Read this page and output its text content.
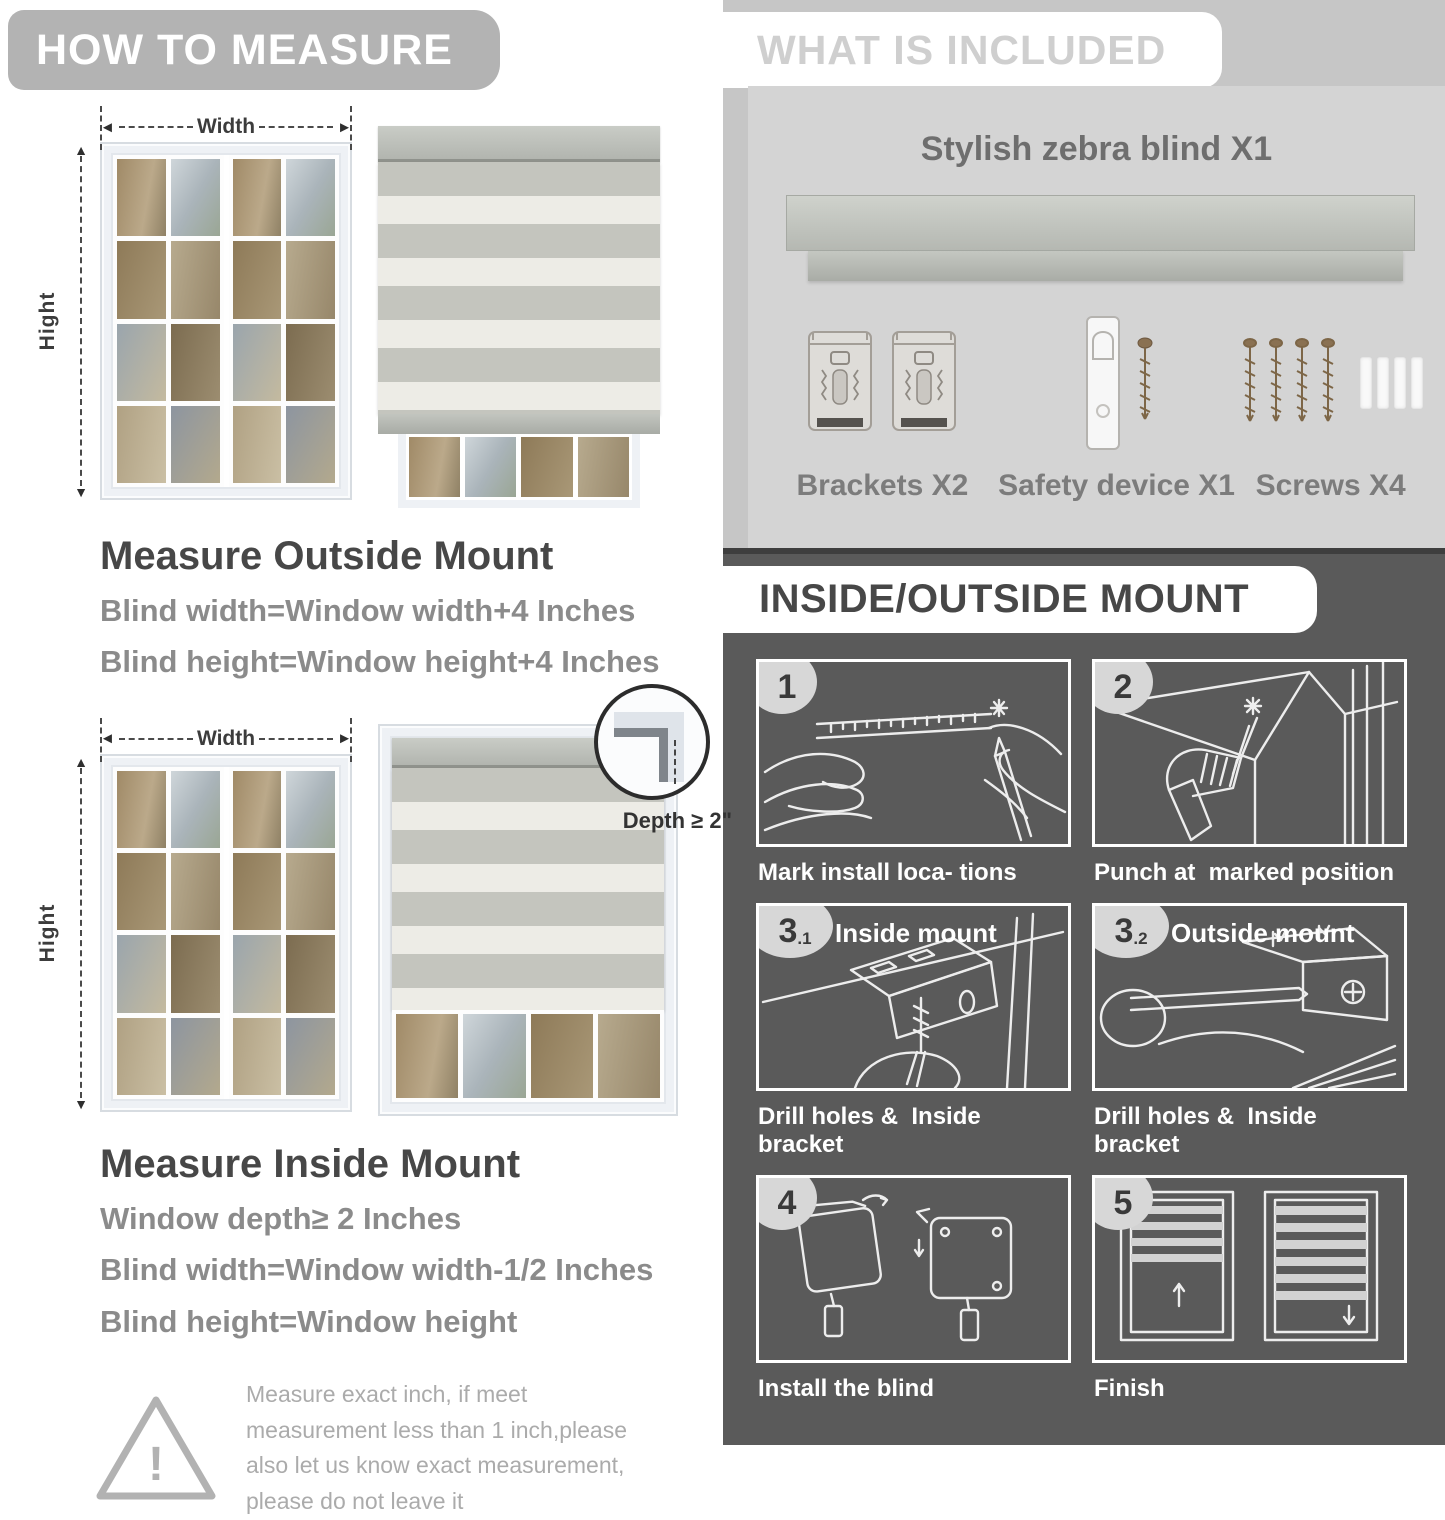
HOW TO MEASURE
◄	Width	►
▲
▼
Hight
Measure Outside Mount

Blind width=Window width+4 Inches

Blind height=Window height+4 Inches

◄	Width	►
▲
▼
Hight
Depth ≥ 2"
Measure Inside Mount

Window depth≥ 2 Inches

Blind width=Window width-1/2 Inches

Blind height=Window height

!
Measure exact inch, if meet measurement less than 1 inch,please also let us know exact measurement, please do not leave it
WHAT IS INCLUDED
Stylish zebra blind X1
Brackets X2 Safety device X1 Screws X4
INSIDE/OUTSIDE MOUNT
1
Mark install loca- tions
2
Punch at  marked position
3 .1 Inside mount
Drill holes &  Inside bracket
3 .2 Outside mount
Drill holes &  Inside bracket
4
Install the blind
5
Finish
